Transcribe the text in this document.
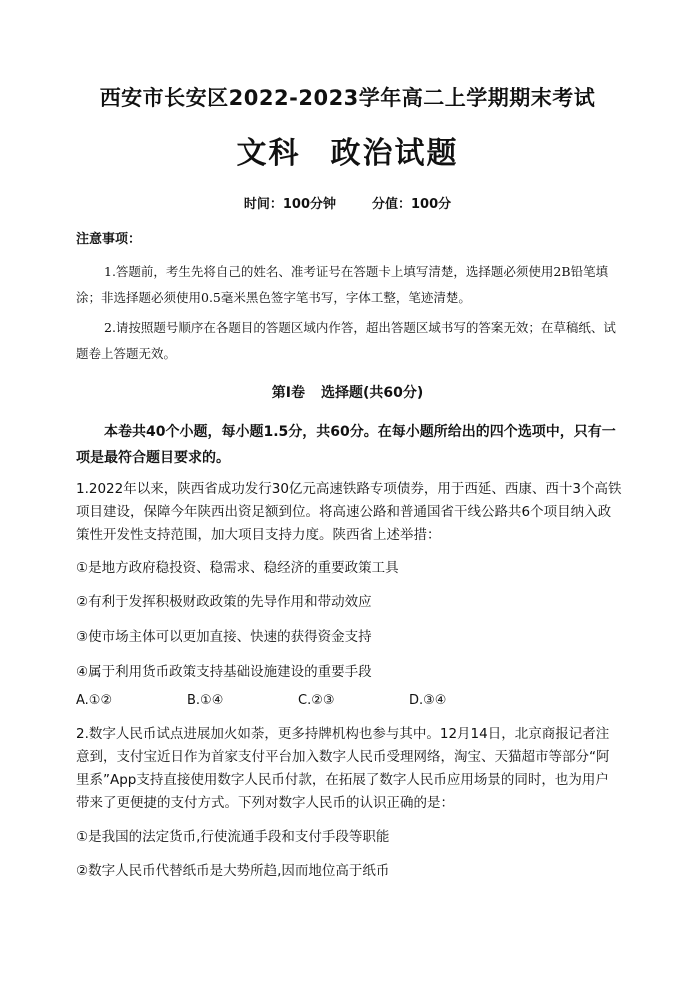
西安市长安区2022-2023学年高二上学期期末考试
文科 政治试题
时间：100分钟	分值：100分
注意事项：
1.答题前，考生先将自己的姓名、准考证号在答题卡上填写清楚，选择题必须使用2B铅笔填涂；非选择题必须使用0.5毫米黑色签字笔书写，字体工整，笔迹清楚。
2.请按照题号顺序在各题目的答题区域内作答，超出答题区域书写的答案无效；在草稿纸、试题卷上答题无效。
第Ⅰ卷 选择题(共60分)
本卷共40个小题，每小题1.5分，共60分。在每小题所给出的四个选项中，只有一项是最符合题目要求的。
1.2022年以来，陕西省成功发行30亿元高速铁路专项债券，用于西延、西康、西十3个高铁项目建设，保障今年陕西出资足额到位。将高速公路和普通国省干线公路共6个项目纳入政策性开发性支持范围，加大项目支持力度。陕西省上述举措：
①是地方政府稳投资、稳需求、稳经济的重要政策工具
②有利于发挥积极财政政策的先导作用和带动效应
③使市场主体可以更加直接、快速的获得资金支持
④属于利用货币政策支持基础设施建设的重要手段
A.①②	B.①④	C.②③	D.③④
2.数字人民币试点进展加火如荼，更多持牌机构也参与其中。12月14日，北京商报记者注意到，支付宝近日作为首家支付平台加入数字人民币受理网络，淘宝、天猫超市等部分“阿里系”App支持直接使用数字人民币付款，在拓展了数字人民币应用场景的同时，也为用户带来了更便捷的支付方式。下列对数字人民币的认识正确的是：
①是我国的法定货币,行使流通手段和支付手段等职能
②数字人民币代替纸币是大势所趋,因而地位高于纸币
